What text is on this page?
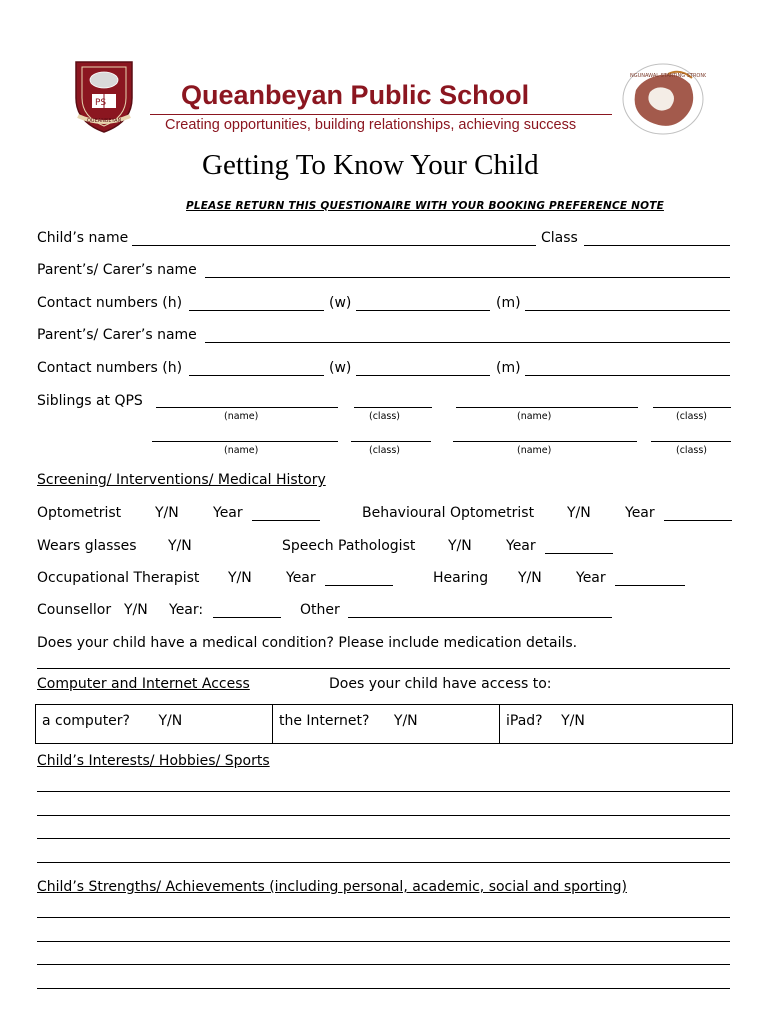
PS
QUEANBEYAN
Queanbeyan Public School
Creating opportunities, building relationships, achieving success
NGUNAWAL STARTING STRONG
Getting To Know Your Child
PLEASE RETURN THIS QUESTIONAIRE WITH YOUR BOOKING PREFERENCE NOTE
Child’s name	Class
Parent’s/ Carer’s name
Contact numbers (h)	(w)	(m)
Parent’s/ Carer’s name
Contact numbers (h)	(w)	(m)
Siblings at QPS
(name)	(class)	(name)	(class)
(name)	(class)	(name)	(class)
Screening/ Interventions/ Medical History
Optometrist Y/N Year	Behavioural Optometrist Y/N Year
Wears glasses Y/N	Speech Pathologist Y/N Year
Occupational Therapist Y/N Year	Hearing Y/N Year
Counsellor Y/N Year:	Other
Does your child have a medical condition? Please include medication details.
Computer and Internet Access	Does your child have access to:
a computer? Y/N	the Internet? Y/N	iPad? Y/N
Child’s Interests/ Hobbies/ Sports
Child’s Strengths/ Achievements (including personal, academic, social and sporting)
